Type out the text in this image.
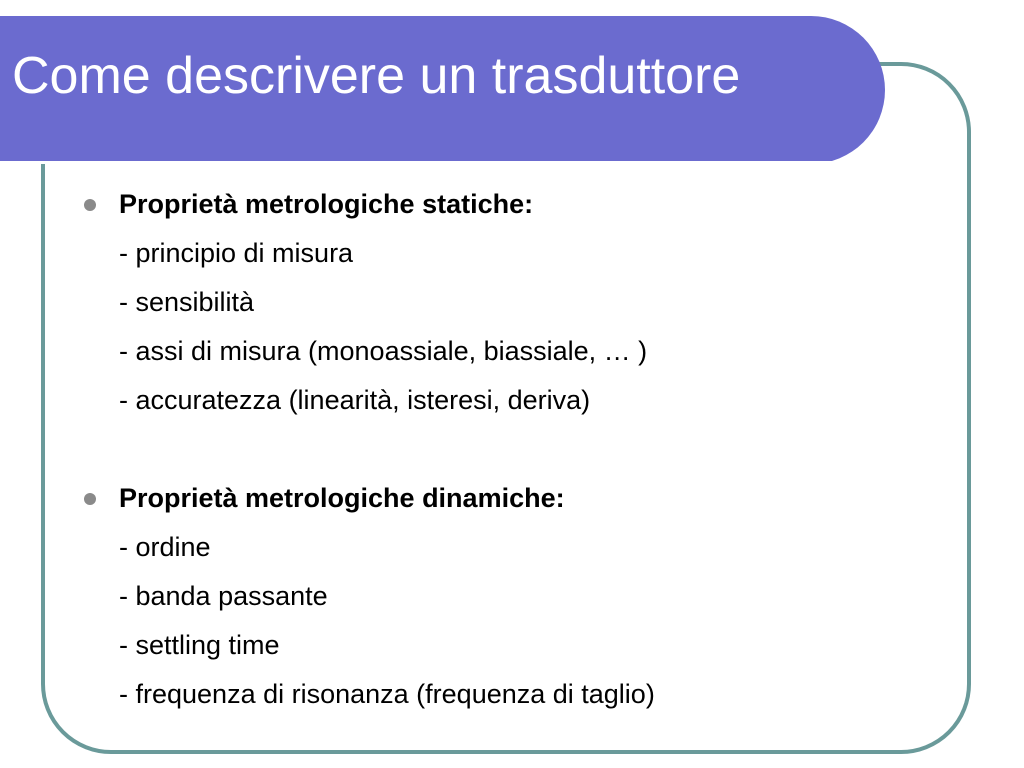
Come descrivere un trasduttore
Proprietà metrologiche statiche:
- principio di misura
- sensibilità
- assi di misura (monoassiale, biassiale, … )
- accuratezza (linearità, isteresi, deriva)
Proprietà metrologiche dinamiche:
- ordine
- banda passante
- settling time
- frequenza di risonanza (frequenza di taglio)
